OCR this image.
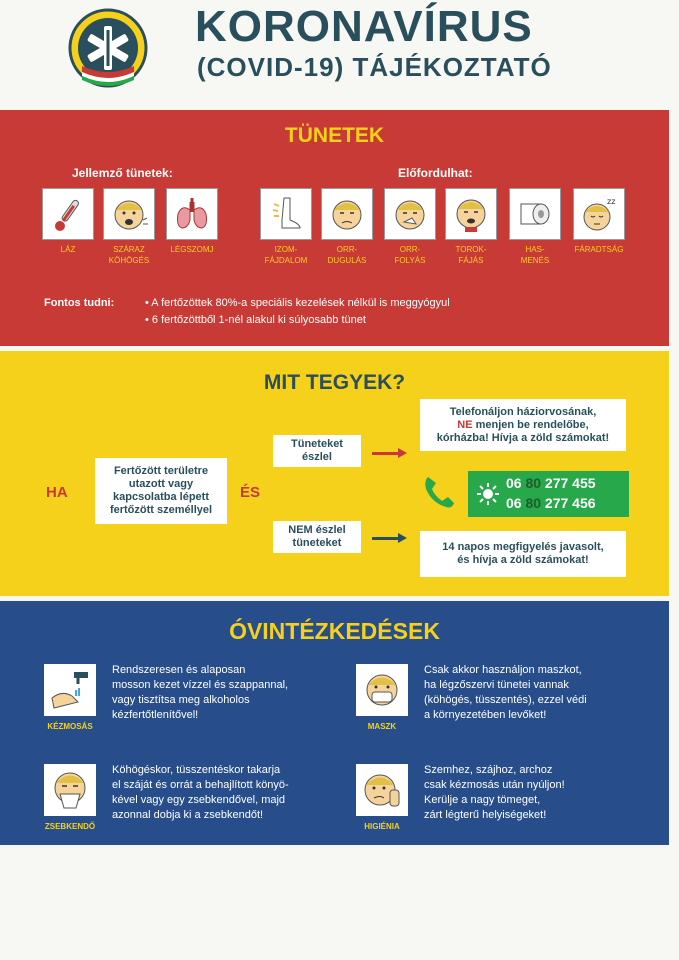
KORONAVÍRUS
(COVID-19) TÁJÉKOZTATÓ
TÜNETEK
Jellemző tünetek:	Előfordulhat:
LÁZ	SZÁRAZ
KÖHÖGÉS
LÉGSZOMJ	IZOM-
FÁJDALOM
ORR-
DUGULÁS
ORR-
FOLYÁS
TOROK-
FÁJÁS
HAS-
MENÉS
zz
FÁRADTSÁG
Fontos tudni:	• A fertőzöttek 80%-a speciális kezelések nélkül is meggyógyul
• 6 fertőzöttből 1-nél alakul ki súlyosabb tünet
MIT TEGYEK?
HA
Fertőzött területre
utazott vagy
kapcsolatba lépett
fertőzött személlyel
ÉS
Tüneteket
észlel
Telefonáljon háziorvosának,
NE menjen be rendelőbe,
kórházba! Hívja a zöld számokat!
06 80 277 455
06 80 277 456
NEM észlel
tüneteket	14 napos megfigyelés javasolt,
és hívja a zöld számokat!
ÓVINTÉZKEDÉSEK
KÉZMOSÁS
Rendszeresen és alaposan
mosson kezet vízzel és szappannal,
vagy tisztítsa meg alkoholos
kézfertőtlenítővel!
MASZK
Csak akkor használjon maszkot,
ha légzőszervi tünetei vannak
(köhögés, tüsszentés), ezzel védi
a környezetében levőket!
ZSEBKENDŐ
Köhögéskor, tüsszentéskor takarja
el száját és orrát a behajlított könyö-
kével vagy egy zsebkendővel, majd
azonnal dobja ki a zsebkendőt!
HIGIÉNIA
Szemhez, szájhoz, archoz
csak kézmosás után nyúljon!
Kerülje a nagy tömeget,
zárt légterű helyiségeket!
